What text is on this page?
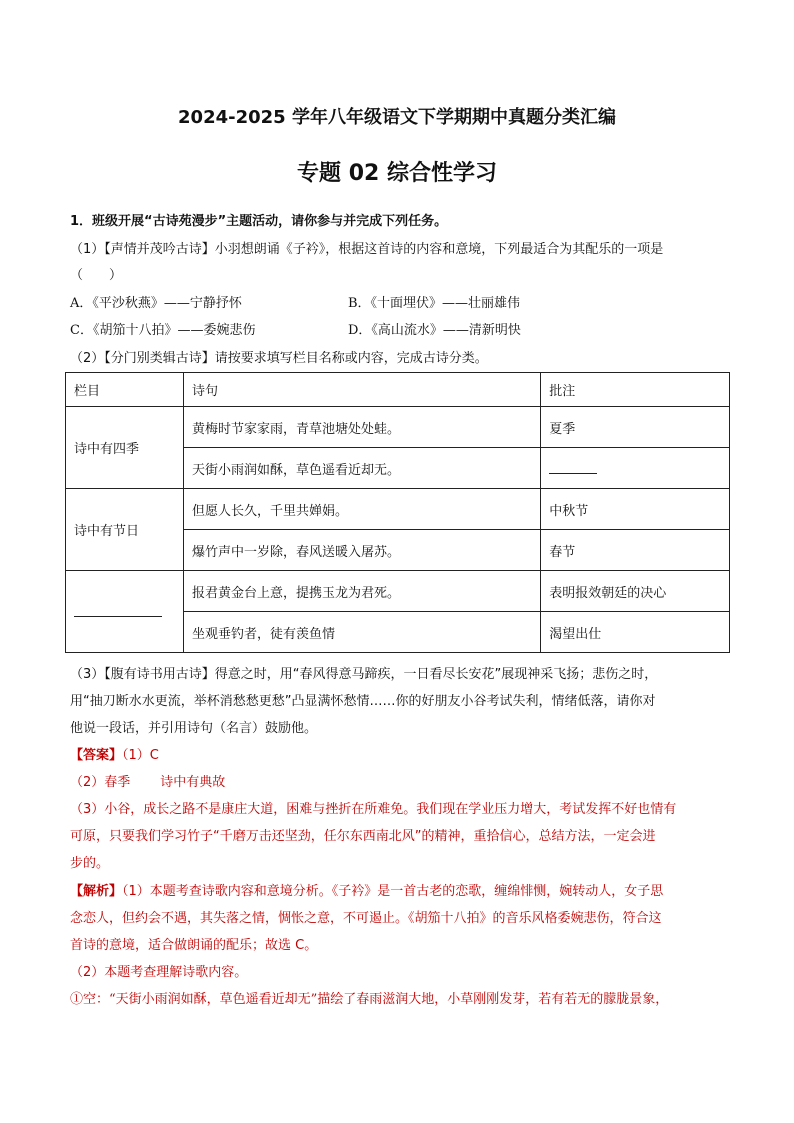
2024-2025 学年八年级语文下学期期中真题分类汇编
专题 02 综合性学习
1．班级开展“古诗苑漫步”主题活动，请你参与并完成下列任务。
（1）【声情并茂吟古诗】小羽想朗诵《子衿》，根据这首诗的内容和意境，下列最适合为其配乐的一项是
（　　）
A．《平沙秋燕》——宁静抒怀	B．《十面埋伏》——壮丽雄伟
C．《胡笳十八拍》——委婉悲伤	D．《高山流水》——清新明快
（2）【分门别类辑古诗】请按要求填写栏目名称或内容，完成古诗分类。
栏目	诗句	批注
诗中有四季	黄梅时节家家雨，青草池塘处处蛙。	夏季
	天街小雨润如酥，草色遥看近却无。	
诗中有节日	但愿人长久，千里共婵娟。	中秋节
	爆竹声中一岁除，春风送暖入屠苏。	春节
	报君黄金台上意，提携玉龙为君死。	表明报效朝廷的决心
	坐观垂钓者，徒有羡鱼情	渴望出仕
（3）【腹有诗书用古诗】得意之时，用“春风得意马蹄疾，一日看尽长安花”展现神采飞扬；悲伤之时，
用“抽刀断水水更流，举杯消愁愁更愁”凸显满怀愁情……你的好朋友小谷考试失利，情绪低落，请你对
他说一段话，并引用诗句（名言）鼓励他。
【答案】（1）C
（2）春季 诗中有典故
（3）小谷，成长之路不是康庄大道，困难与挫折在所难免。我们现在学业压力增大，考试发挥不好也情有
可原，只要我们学习竹子“千磨万击还坚劲，任尔东西南北风”的精神，重拾信心，总结方法，一定会进
步的。
【解析】（1）本题考查诗歌内容和意境分析。《子衿》是一首古老的恋歌，缠绵悱恻，婉转动人，女子思
念恋人，但约会不遇，其失落之情，惆怅之意，不可遏止。《胡笳十八拍》的音乐风格委婉悲伤，符合这
首诗的意境，适合做朗诵的配乐；故选 C。
（2）本题考查理解诗歌内容。
①空：“天街小雨润如酥，草色遥看近却无”描绘了春雨滋润大地，小草刚刚发芽，若有若无的朦胧景象，
